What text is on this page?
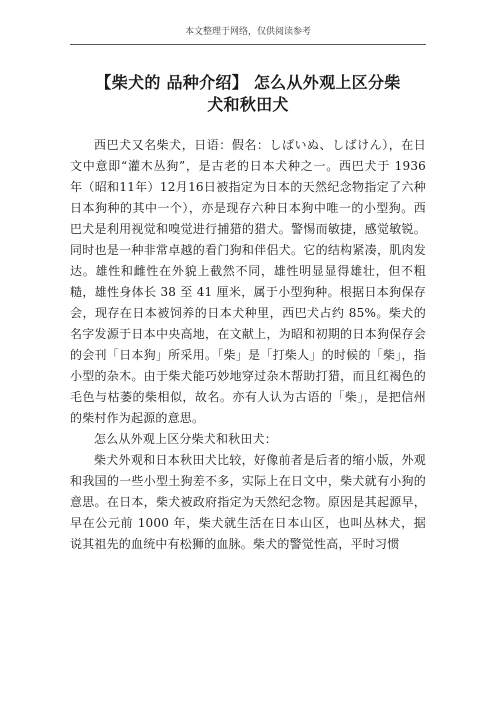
本文整理于网络，仅供阅读参考
【柴犬的 品种介绍】 怎么从外观上区分柴
犬和秋田犬

西巴犬又名柴犬，日语：假名：しばいぬ、しばけん），在日文中意即“灌木丛狗”，是古老的日本犬种之一。西巴犬于 1936 年（昭和11年）12月16日被指定为日本的天然纪念物指定了六种日本狗种的其中一个），亦是现存六种日本狗中唯一的小型狗。西巴犬是利用视觉和嗅觉进行捕猎的猎犬。警惕而敏捷，感觉敏锐。同时也是一种非常卓越的看门狗和伴侣犬。它的结构紧凑，肌肉发达。雄性和雌性在外貌上截然不同，雄性明显显得雄壮，但不粗糙，雄性身体长 38 至 41 厘米，属于小型狗种。根据日本狗保存会，现存在日本被饲养的日本犬种里，西巴犬占约 85%。柴犬的名字发源于日本中央高地，在文献上，为昭和初期的日本狗保存会的会刊「日本狗」所采用。「柴」是「打柴人」的时候的「柴」，指小型的杂木。由于柴犬能巧妙地穿过杂木帮助打猎，而且红褐色的毛色与枯萎的柴相似，故名。亦有人认为古语的「柴」，是把信州的柴村作为起源的意思。

怎么从外观上区分柴犬和秋田犬：

柴犬外观和日本秋田犬比较，好像前者是后者的缩小版，外观和我国的一些小型土狗差不多，实际上在日文中，柴犬就有小狗的意思。在日本，柴犬被政府指定为天然纪念物。原因是其起源早，早在公元前 1000 年，柴犬就生活在日本山区，也叫丛林犬，据说其祖先的血统中有松狮的血脉。柴犬的警觉性高，平时习惯
